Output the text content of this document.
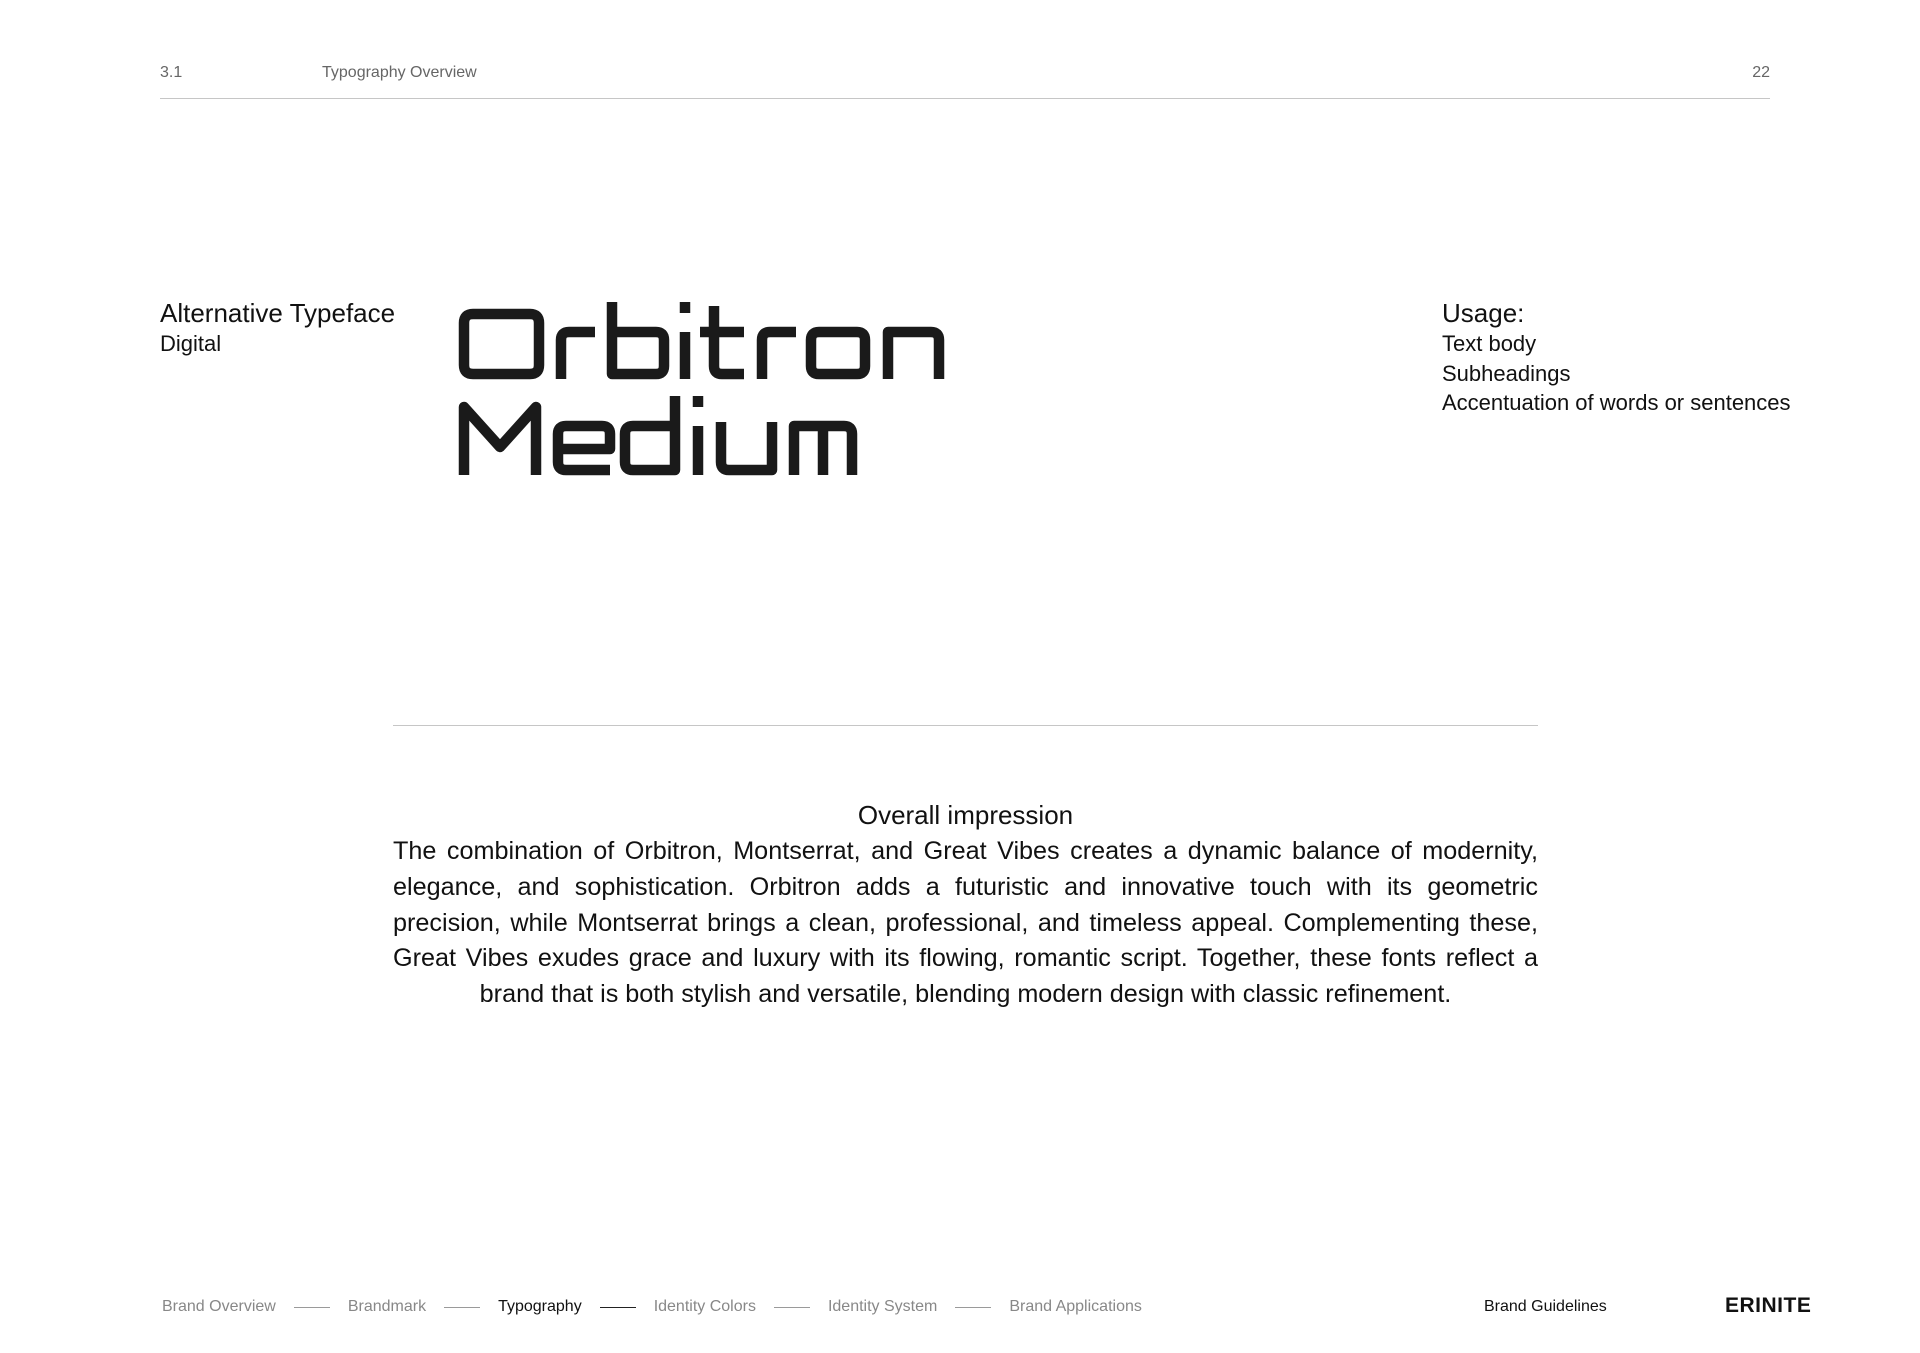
3.1	Typography Overview	22
Alternative Typeface
Digital
Usage:
Text body
Subheadings
Accentuation of words or sentences
Overall impression

The combination of Orbitron, Montserrat, and Great Vibes creates a dynamic balance of modernity, elegance, and sophistication. Orbitron adds a futuristic and innovative touch with its geometric precision, while Montserrat brings a clean, professional, and timeless appeal. Complementing these, Great Vibes exudes grace and luxury with its flowing, romantic script. Together, these fonts reflect a brand that is both stylish and versatile, blending modern design with classic refinement.

Brand Overview	Brandmark	Typography	Identity Colors	Identity System	Brand Applications	Brand Guidelines	ERINITE
